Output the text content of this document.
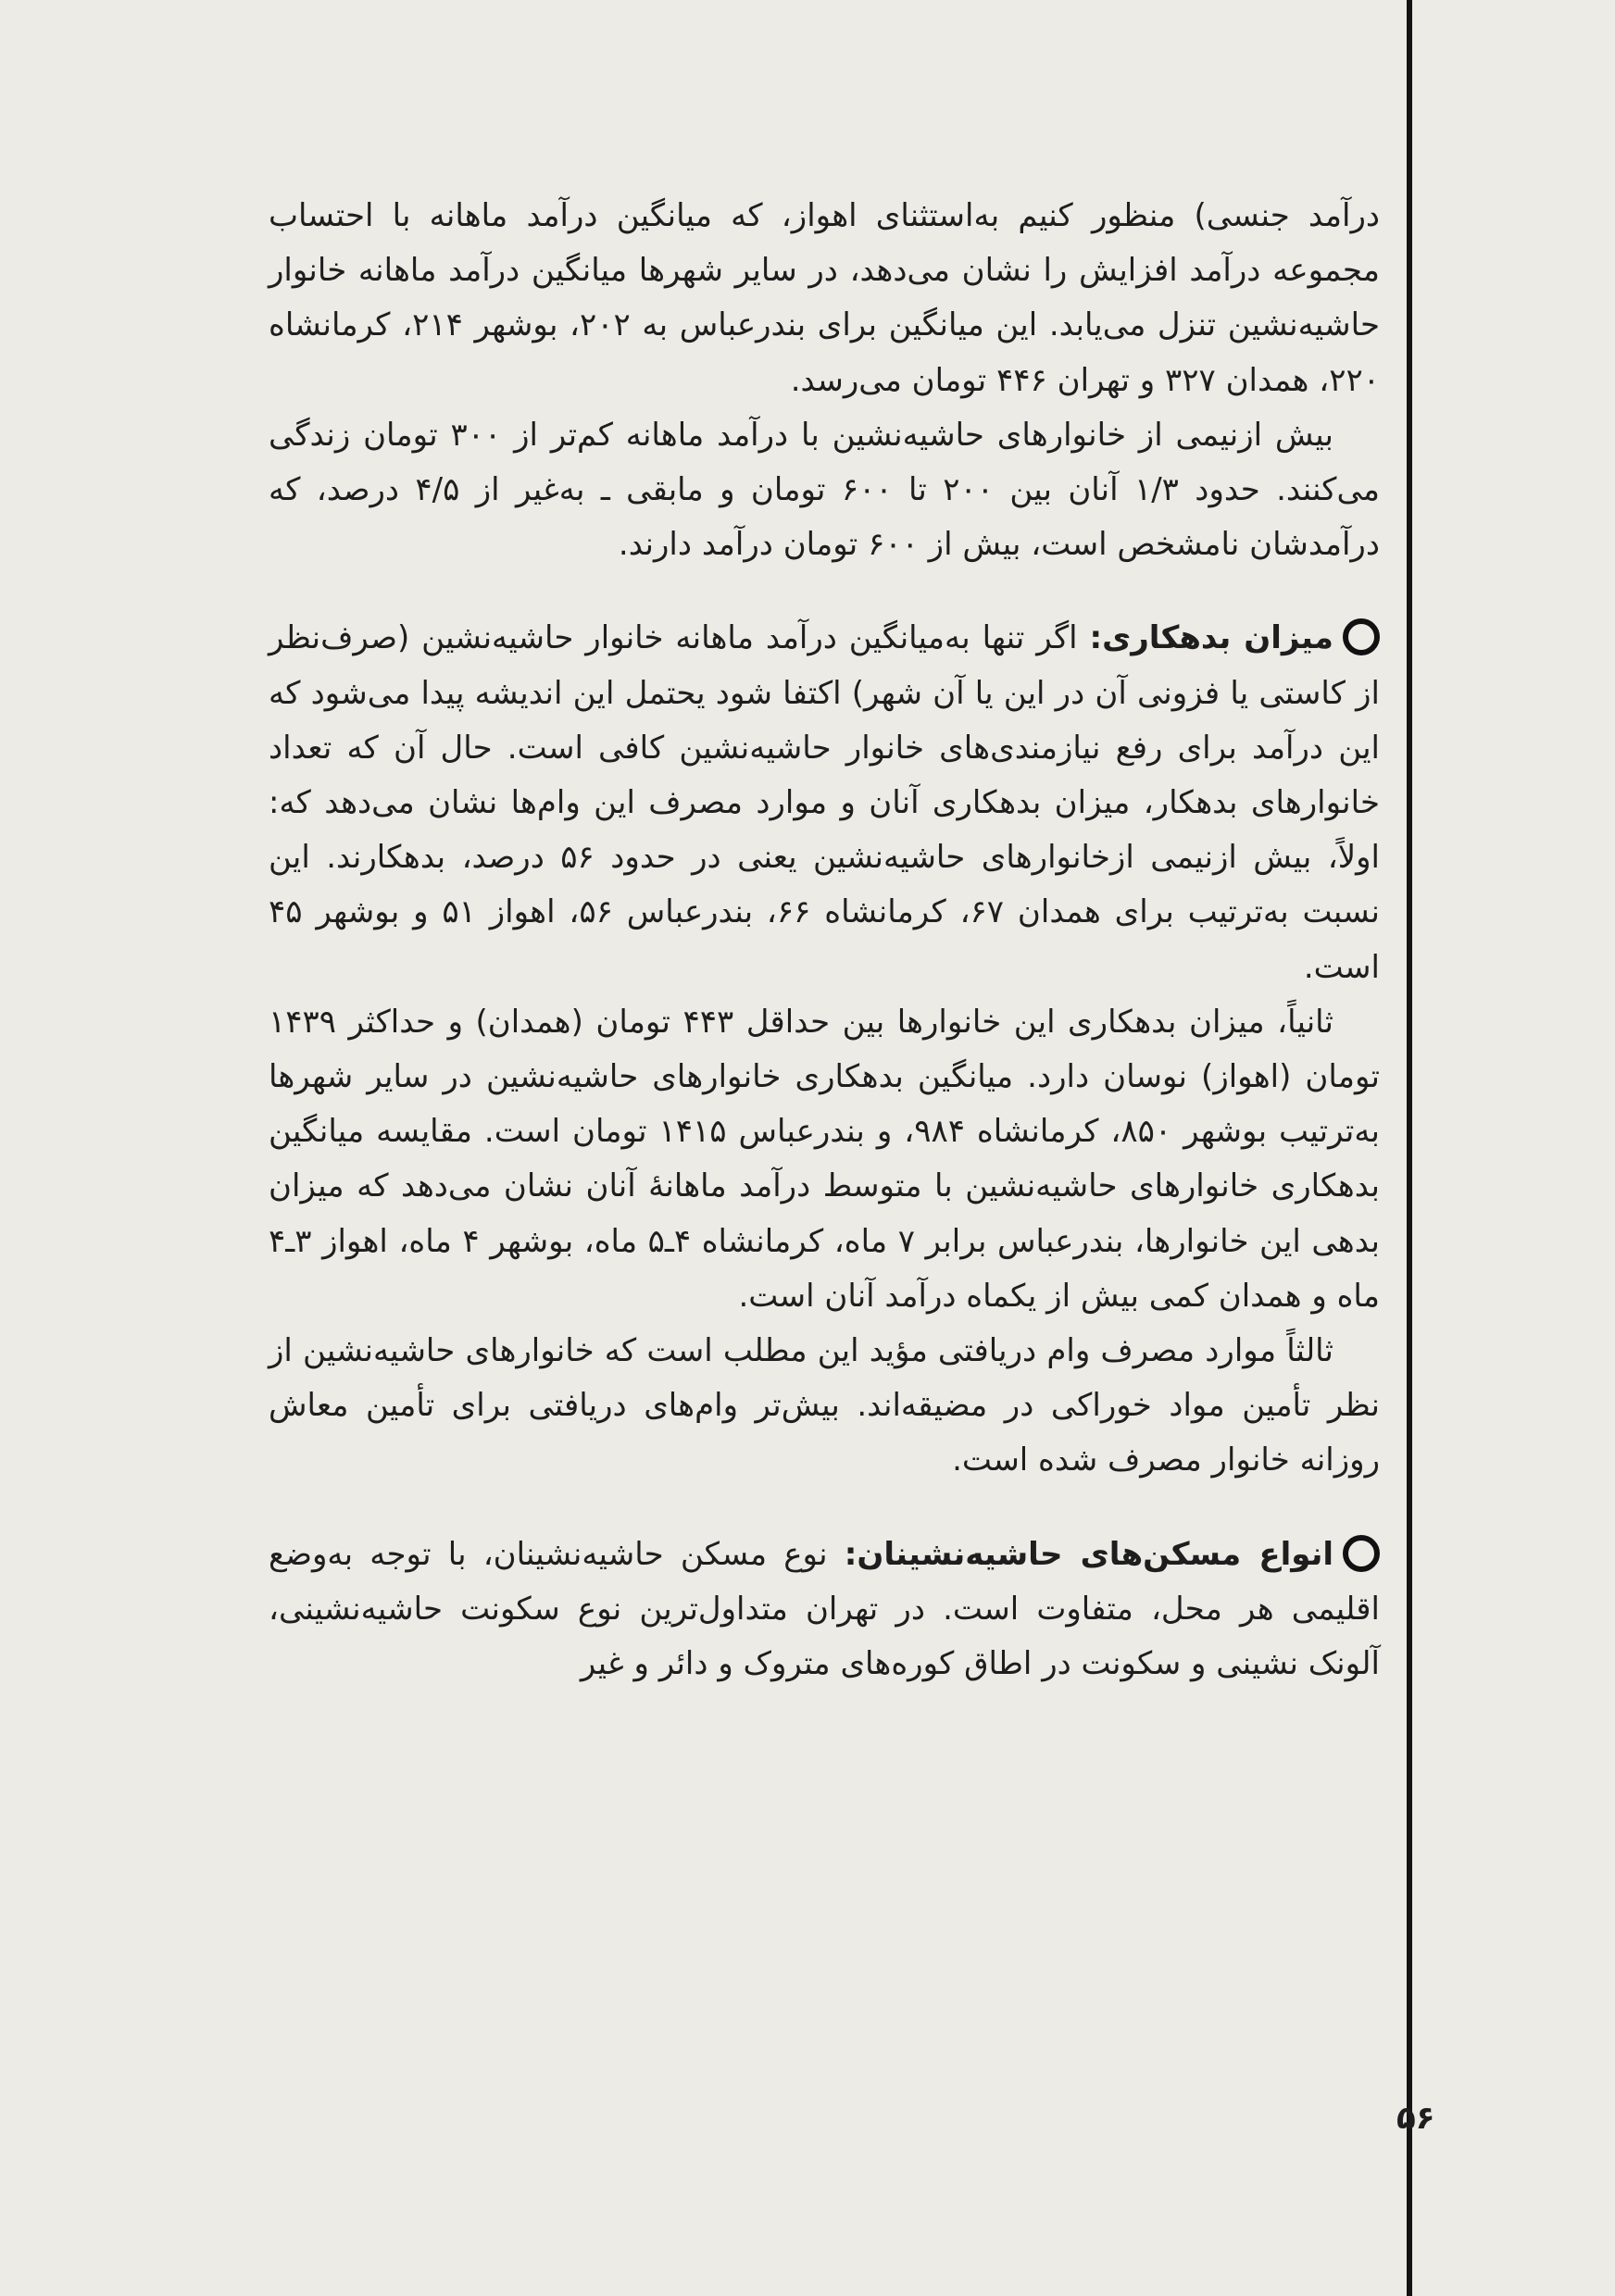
درآمد جنسی) منظور کنیم به‌استثنای اهواز، که میانگین درآمد ماهانه با احتساب مجموعه درآمد افزایش را نشان می‌دهد، در سایر شهرها میانگین درآمد ماهانه خانوار حاشیه‌نشین تنزل می‌یابد. این میانگین برای بندرعباس به ۲۰۲، بوشهر ۲۱۴، کرمانشاه ۲۲۰، همدان ۳۲۷ و تهران ۴۴۶ تومان می‌رسد.

بیش ازنیمی از خانوارهای حاشیه‌نشین با درآمد ماهانه کم‌تر از ۳۰۰ تومان زندگی می‌کنند. حدود ۱/۳ آنان بین ۲۰۰ تا ۶۰۰ تومان و مابقی ـ به‌غیر از ۴/۵ درصد، که درآمدشان نامشخص است، بیش از ۶۰۰ تومان درآمد دارند.

میزان بدهکاری: اگر تنها به‌میانگین درآمد ماهانه خانوار حاشیه‌نشین (صرف‌نظر از کاستی یا فزونی آن در این یا آن شهر) اکتفا شود یحتمل این اندیشه پیدا می‌شود که این درآمد برای رفع نیازمندی‌های خانوار حاشیه‌نشین کافی است. حال آن که تعداد خانوارهای بدهکار، میزان بدهکاری آنان و موارد مصرف این وام‌ها نشان می‌دهد که: اولاً، بیش ازنیمی ازخانوارهای حاشیه‌نشین یعنی در حدود ۵۶ درصد، بدهکارند. این نسبت به‌ترتیب برای همدان ۶۷، کرمانشاه ۶۶، بندرعباس ۵۶، اهواز ۵۱ و بوشهر ۴۵ است.

ثانیاً، میزان بدهکاری این خانوارها بین حداقل ۴۴۳ تومان (همدان) و حداکثر ۱۴۳۹ تومان (اهواز) نوسان دارد. میانگین بدهکاری خانوارهای حاشیه‌نشین در سایر شهرها به‌ترتیب بوشهر ۸۵۰، کرمانشاه ۹۸۴، و بندرعباس ۱۴۱۵ تومان است. مقایسه میانگین بدهکاری خانوارهای حاشیه‌نشین با متوسط درآمد ماهانهٔ آنان نشان می‌دهد که میزان بدهی این خانوارها، بندرعباس برابر ۷ ماه، کرمانشاه ۴ـ۵ ماه، بوشهر ۴ ماه، اهواز ۳ـ۴ ماه و همدان کمی بیش از یکماه درآمد آنان است.

ثالثاً موارد مصرف وام دریافتی مؤید این مطلب است که خانوارهای حاشیه‌نشین از نظر تأمین مواد خوراکی در مضیقه‌اند. بیش‌تر وام‌های دریافتی برای تأمین معاش روزانه خانوار مصرف شده است.

انواع مسکن‌های حاشیه‌نشینان: نوع مسکن حاشیه‌نشینان، با توجه به‌وضع اقلیمی هر محل، متفاوت است. در تهران متداول‌ترین نوع سکونت حاشیه‌نشینی، آلونک نشینی و سکونت در اطاق کوره‌های متروک و دائر و غیر

۵۶
